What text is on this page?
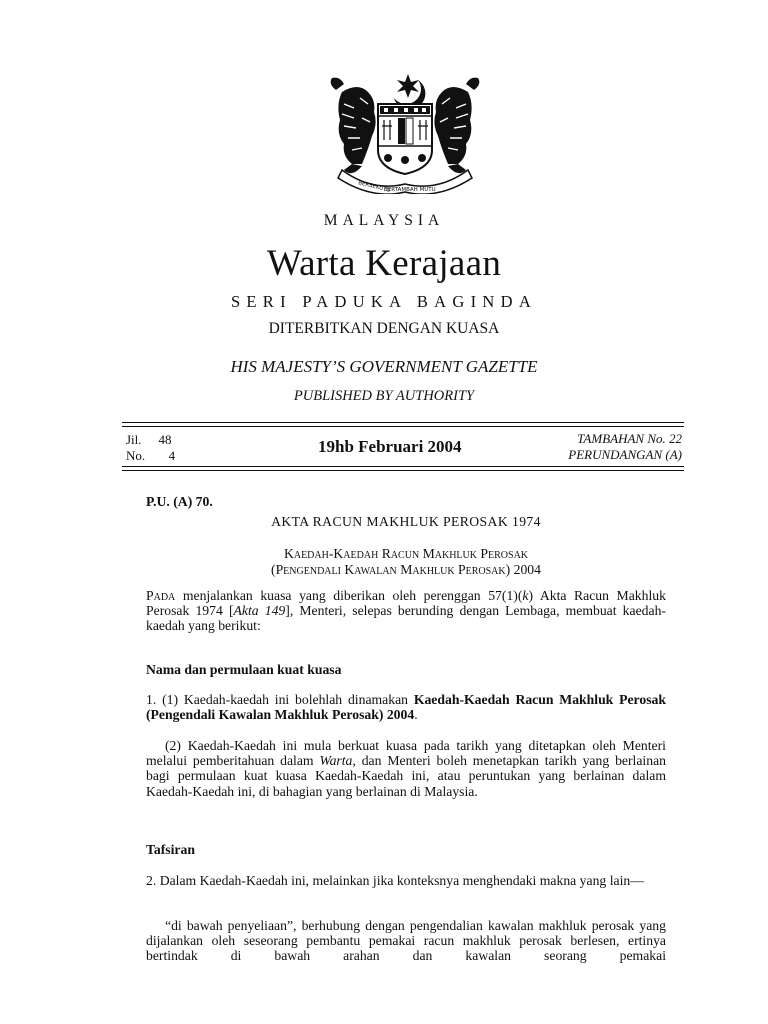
BERSEKUTU
BERTAMBAH MUTU
MALAYSIA
Warta Kerajaan
SERI PADUKA BAGINDA
DITERBITKAN DENGAN KUASA
HIS MAJESTY’S GOVERNMENT GAZETTE
PUBLISHED BY AUTHORITY
Jil. 48
No. 4	19hb Februari 2004	TAMBAHAN No. 22
PERUNDANGAN (A)
P.U. (A) 70.
AKTA RACUN MAKHLUK PEROSAK 1974
Kaedah-Kaedah Racun Makhluk Perosak
(Pengendali Kawalan Makhluk Perosak) 2004
Pada menjalankan kuasa yang diberikan oleh perenggan 57(1)(k) Akta Racun Makhluk Perosak 1974 [Akta 149], Menteri, selepas berunding dengan Lembaga, membuat kaedah-kaedah yang berikut:
Nama dan permulaan kuat kuasa
1. (1) Kaedah-kaedah ini bolehlah dinamakan Kaedah-Kaedah Racun Makhluk Perosak (Pengendali Kawalan Makhluk Perosak) 2004.
(2) Kaedah-Kaedah ini mula berkuat kuasa pada tarikh yang ditetapkan oleh Menteri melalui pemberitahuan dalam Warta, dan Menteri boleh menetapkan tarikh yang berlainan bagi permulaan kuat kuasa Kaedah-Kaedah ini, atau peruntukan yang berlainan dalam Kaedah-Kaedah ini, di bahagian yang berlainan di Malaysia.
Tafsiran
2. Dalam Kaedah-Kaedah ini, melainkan jika konteksnya menghendaki makna yang lain—
“di bawah penyeliaan”, berhubung dengan pengendalian kawalan makhluk perosak yang dijalankan oleh seseorang pembantu pemakai racun makhluk perosak berlesen, ertinya bertindak di bawah arahan dan kawalan seorang pemakai
